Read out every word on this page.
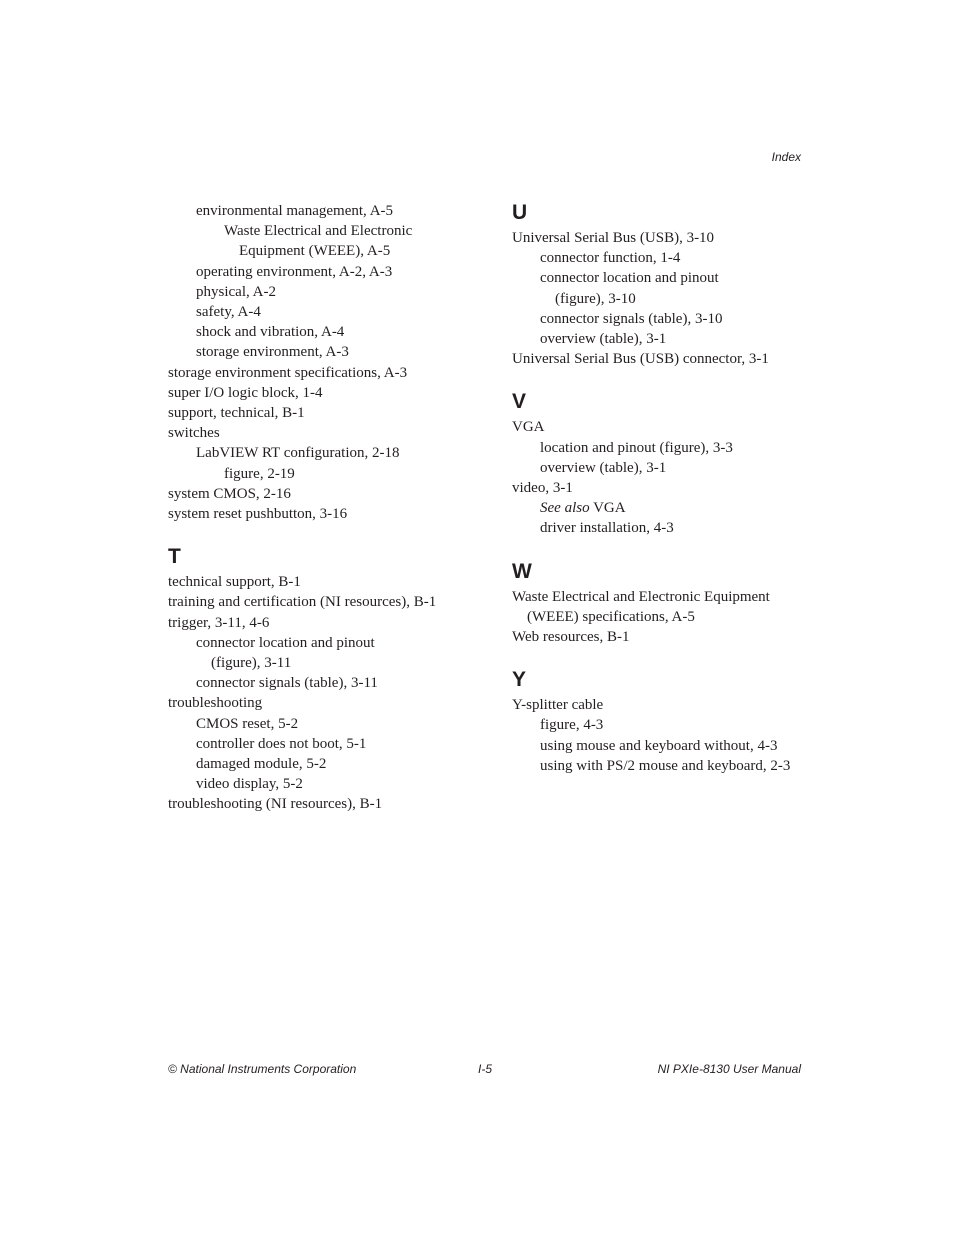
Index
environmental management, A-5
Waste Electrical and Electronic
Equipment (WEEE), A-5
operating environment, A-2, A-3
physical, A-2
safety, A-4
shock and vibration, A-4
storage environment, A-3
storage environment specifications, A-3
super I/O logic block, 1-4
support, technical, B-1
switches
LabVIEW RT configuration, 2-18
figure, 2-19
system CMOS, 2-16
system reset pushbutton, 3-16
T
technical support, B-1
training and certification (NI resources), B-1
trigger, 3-11, 4-6
connector location and pinout
(figure), 3-11
connector signals (table), 3-11
troubleshooting
CMOS reset, 5-2
controller does not boot, 5-1
damaged module, 5-2
video display, 5-2
troubleshooting (NI resources), B-1
U
Universal Serial Bus (USB), 3-10
connector function, 1-4
connector location and pinout
(figure), 3-10
connector signals (table), 3-10
overview (table), 3-1
Universal Serial Bus (USB) connector, 3-1
V
VGA
location and pinout (figure), 3-3
overview (table), 3-1
video, 3-1
See also VGA
driver installation, 4-3
W
Waste Electrical and Electronic Equipment
(WEEE) specifications, A-5
Web resources, B-1
Y
Y-splitter cable
figure, 4-3
using mouse and keyboard without, 4-3
using with PS/2 mouse and keyboard, 2-3
© National Instruments Corporation	I-5	NI PXIe-8130 User Manual
